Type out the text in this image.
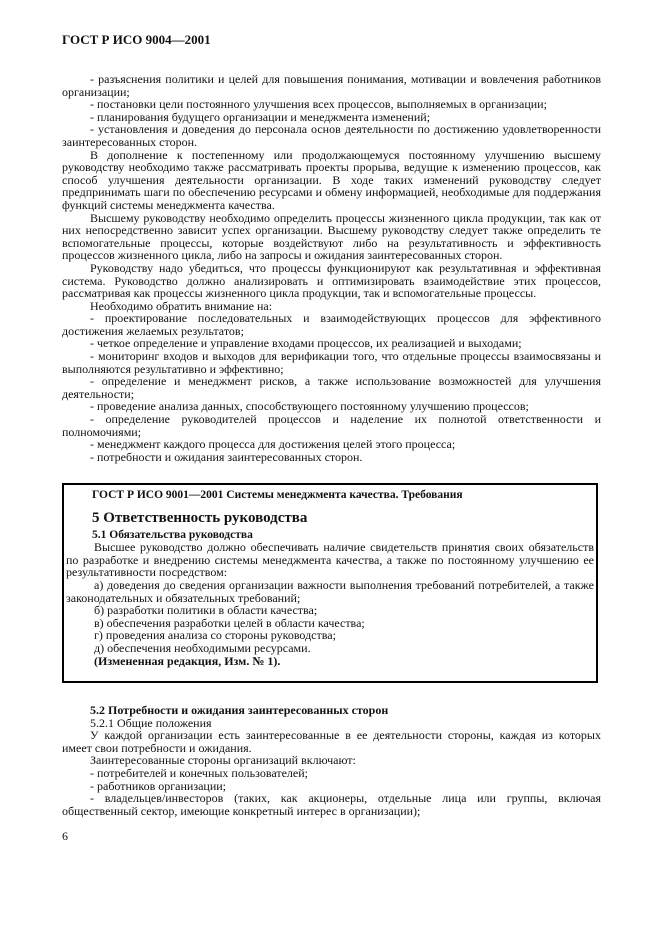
ГОСТ Р ИСО 9004—2001

- разъяснения политики и целей для повышения понимания, мотивации и вовлечения работников организации;

- постановки цели постоянного улучшения всех процессов, выполняемых в организации;

- планирования будущего организации и менеджмента изменений;

- установления и доведения до персонала основ деятельности по достижению удовлетворенности заинтересованных сторон.

В дополнение к постепенному или продолжающемуся постоянному улучшению высшему руководству необходимо также рассматривать проекты прорыва, ведущие к изменению процессов, как способ улучшения деятельности организации. В ходе таких изменений руководству следует предпринимать шаги по обеспечению ресурсами и обмену информацией, необходимые для поддержания функций системы менеджмента качества.

Высшему руководству необходимо определить процессы жизненного цикла продукции, так как от них непосредственно зависит успех организации. Высшему руководству следует также определить те вспомогательные процессы, которые воздействуют либо на результативность и эффективность процессов жизненного цикла, либо на запросы и ожидания заинтересованных сторон.

Руководству надо убедиться, что процессы функционируют как результативная и эффективная система. Руководство должно анализировать и оптимизировать взаимодействие этих процессов, рассматривая как процессы жизненного цикла продукции, так и вспомогательные процессы.

Необходимо обратить внимание на:

- проектирование последовательных и взаимодействующих процессов для эффективного достижения желаемых результатов;

- четкое определение и управление входами процессов, их реализацией и выходами;

- мониторинг входов и выходов для верификации того, что отдельные процессы взаимосвязаны и выполняются результативно и эффективно;

- определение и менеджмент рисков, а также использование возможностей для улучшения деятельности;

- проведение анализа данных, способствующего постоянному улучшению процессов;

- определение руководителей процессов и наделение их полнотой ответственности и полномочиями;

- менеджмент каждого процесса для достижения целей этого процесса;

- потребности и ожидания заинтересованных сторон.

ГОСТ Р ИСО 9001—2001 Системы менеджмента качества. Требования

5 Ответственность руководства

5.1 Обязательства руководства

Высшее руководство должно обеспечивать наличие свидетельств принятия своих обязательств по разработке и внедрению системы менеджмента качества, а также по постоянному улучшению ее результативности посредством:

а) доведения до сведения организации важности выполнения требований потребителей, а также законодательных и обязательных требований;

б) разработки политики в области качества;

в) обеспечения разработки целей в области качества;

г) проведения анализа со стороны руководства;

д) обеспечения необходимыми ресурсами.

(Измененная редакция, Изм. № 1).

5.2 Потребности и ожидания заинтересованных сторон

5.2.1 Общие положения

У каждой организации есть заинтересованные в ее деятельности стороны, каждая из которых имеет свои потребности и ожидания.

Заинтересованные стороны организаций включают:

- потребителей и конечных пользователей;

- работников организации;

- владельцев/инвесторов (таких, как акционеры, отдельные лица или группы, включая общественный сектор, имеющие конкретный интерес в организации);

6
